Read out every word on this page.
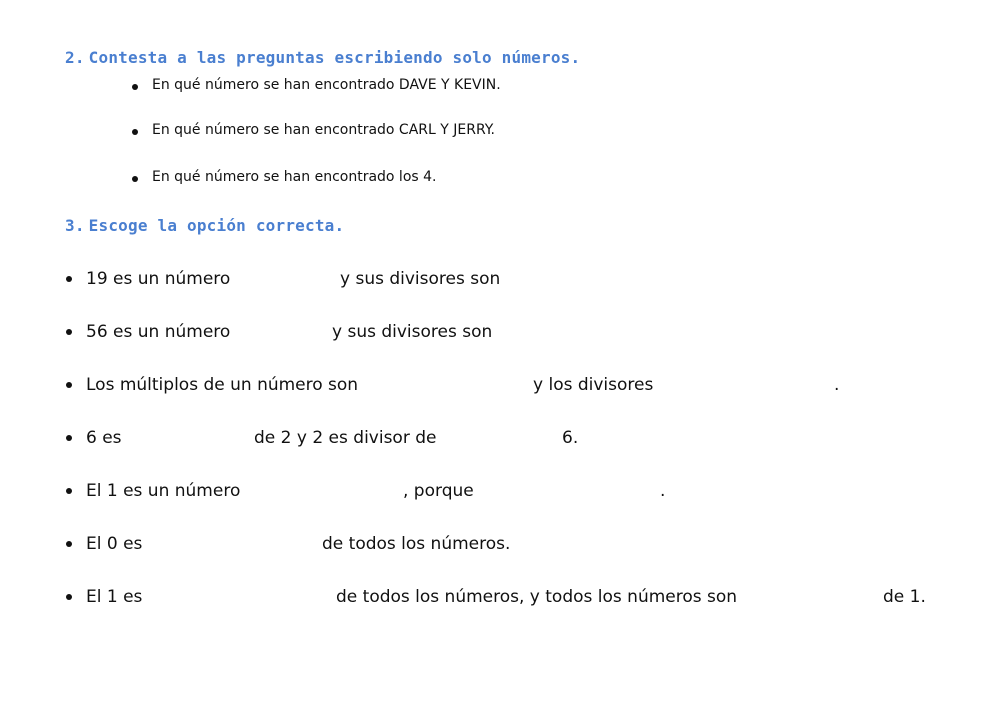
2. Contesta a las preguntas escribiendo solo números.
En qué número se han encontrado DAVE Y KEVIN.
En qué número se han encontrado CARL Y JERRY.
En qué número se han encontrado los 4.
3. Escoge la opción correcta.
19 es un número	y sus divisores son
56 es un número	y sus divisores son
Los múltiplos de un número son	y los divisores	.
6 es	de 2 y 2 es divisor de	6.
El 1 es un número	, porque	.
El 0 es	de todos los números.
El 1 es	de todos los números, y todos los números son	de 1.
